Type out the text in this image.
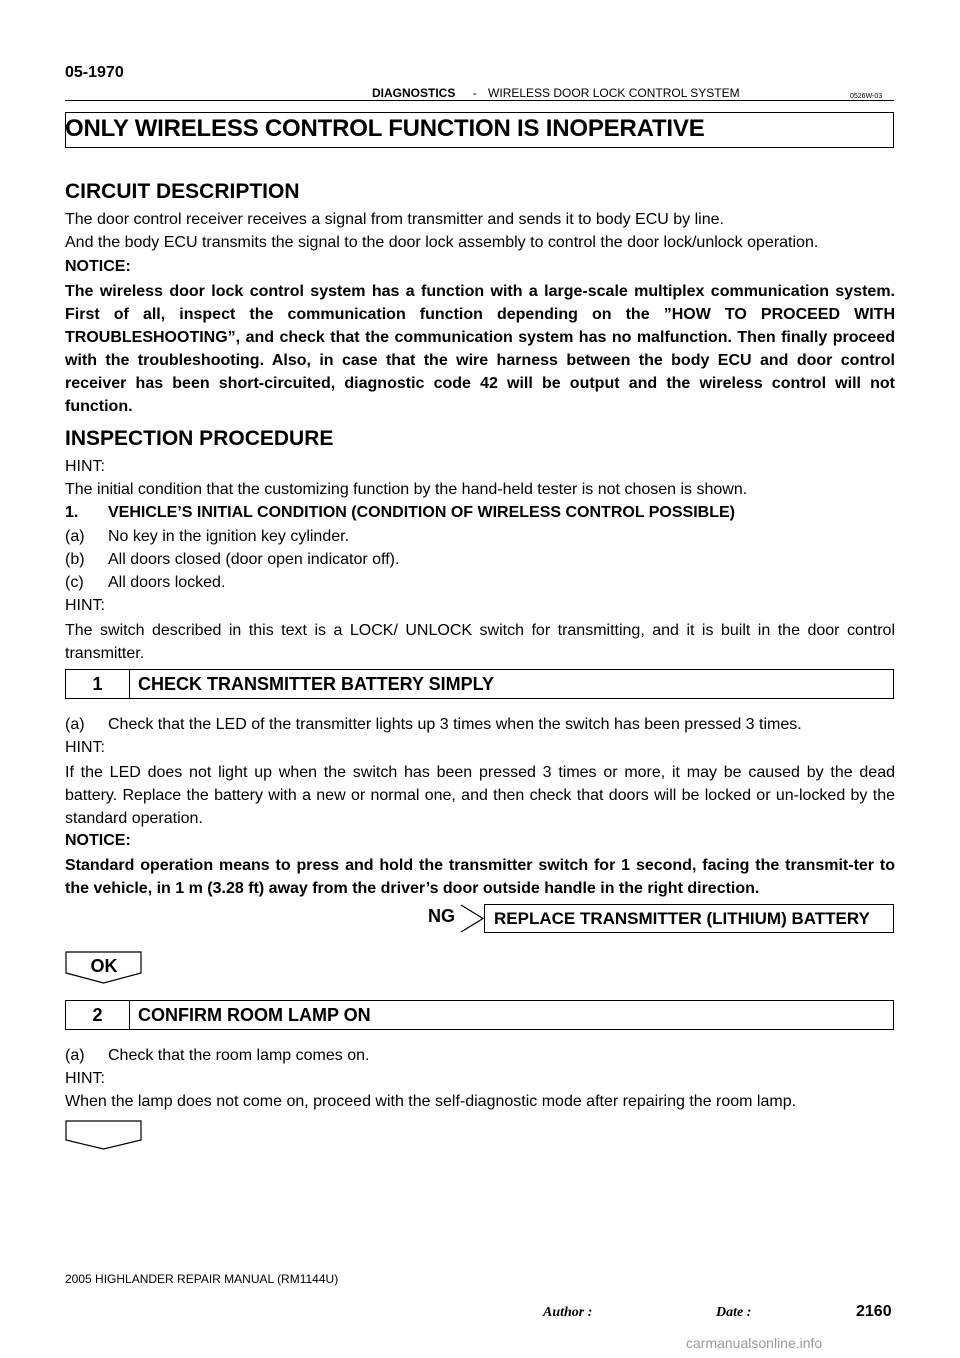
05-1970
DIAGNOSTICS - WIRELESS DOOR LOCK CONTROL SYSTEM	0526W-03
ONLY WIRELESS CONTROL FUNCTION IS INOPERATIVE
CIRCUIT DESCRIPTION
The door control receiver receives a signal from transmitter and sends it to body ECU by line.
And the body ECU transmits the signal to the door lock assembly to control the door lock/unlock operation.
NOTICE:
The wireless door lock control system has a function with a large-scale multiplex communication system. First of all, inspect the communication function depending on the ”HOW TO PROCEED WITH TROUBLESHOOTING”, and check that the communication system has no malfunction. Then finally proceed with the troubleshooting. Also, in case that the wire harness between the body ECU and door control receiver has been short-circuited, diagnostic code 42 will be output and the wireless control will not function.
INSPECTION PROCEDURE
HINT:
The initial condition that the customizing function by the hand-held tester is not chosen is shown.
1. VEHICLE’S INITIAL CONDITION (CONDITION OF WIRELESS CONTROL POSSIBLE)
(a) No key in the ignition key cylinder.
(b) All doors closed (door open indicator off).
(c) All doors locked.
HINT:
The switch described in this text is a LOCK/ UNLOCK switch for transmitting, and it is built in the door control transmitter.
1	CHECK TRANSMITTER BATTERY SIMPLY
(a) Check that the LED of the transmitter lights up 3 times when the switch has been pressed 3 times.
HINT:
If the LED does not light up when the switch has been pressed 3 times or more, it may be caused by the dead battery. Replace the battery with a new or normal one, and then check that doors will be locked or un-locked by the standard operation.
NOTICE:
Standard operation means to press and hold the transmitter switch for 1 second, facing the transmit-ter to the vehicle, in 1 m (3.28 ft) away from the driver’s door outside handle in the right direction.
NG REPLACE TRANSMITTER (LITHIUM) BATTERY
OK
2	CONFIRM ROOM LAMP ON
(a) Check that the room lamp comes on.
HINT:
When the lamp does not come on, proceed with the self-diagnostic mode after repairing the room lamp.
2005 HIGHLANDER REPAIR MANUAL (RM1144U)
Author :	Date :	2160
carmanualsonline.info
